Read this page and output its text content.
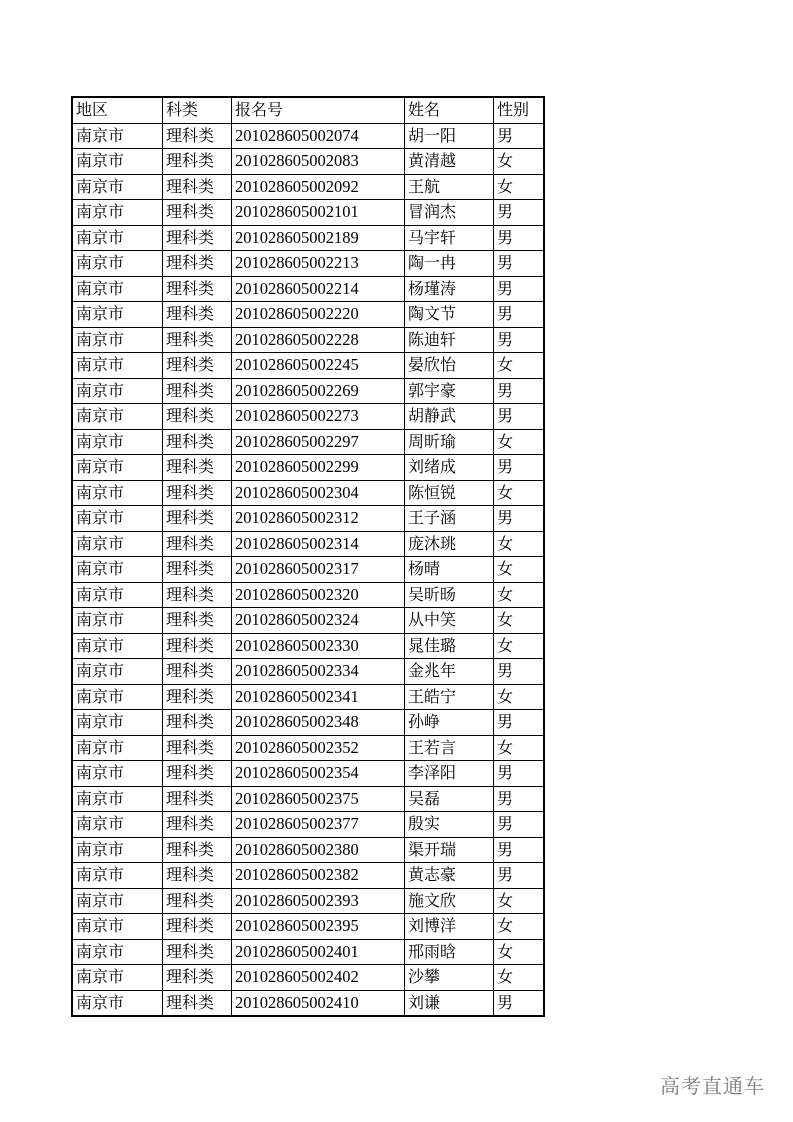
地区	科类	报名号	姓名	性别
南京市	理科类	201028605002074	胡一阳	男
南京市	理科类	201028605002083	黄清越	女
南京市	理科类	201028605002092	王航	女
南京市	理科类	201028605002101	冒润杰	男
南京市	理科类	201028605002189	马宇轩	男
南京市	理科类	201028605002213	陶一冉	男
南京市	理科类	201028605002214	杨瑾涛	男
南京市	理科类	201028605002220	陶文节	男
南京市	理科类	201028605002228	陈迪轩	男
南京市	理科类	201028605002245	晏欣怡	女
南京市	理科类	201028605002269	郭宇豪	男
南京市	理科类	201028605002273	胡静武	男
南京市	理科类	201028605002297	周昕瑜	女
南京市	理科类	201028605002299	刘绪成	男
南京市	理科类	201028605002304	陈恒锐	女
南京市	理科类	201028605002312	王子涵	男
南京市	理科类	201028605002314	庞沐珧	女
南京市	理科类	201028605002317	杨晴	女
南京市	理科类	201028605002320	吴昕旸	女
南京市	理科类	201028605002324	从中笑	女
南京市	理科类	201028605002330	晁佳璐	女
南京市	理科类	201028605002334	金兆年	男
南京市	理科类	201028605002341	王皓宁	女
南京市	理科类	201028605002348	孙峥	男
南京市	理科类	201028605002352	王若言	女
南京市	理科类	201028605002354	李泽阳	男
南京市	理科类	201028605002375	吴磊	男
南京市	理科类	201028605002377	殷实	男
南京市	理科类	201028605002380	渠开瑞	男
南京市	理科类	201028605002382	黄志豪	男
南京市	理科类	201028605002393	施文欣	女
南京市	理科类	201028605002395	刘博洋	女
南京市	理科类	201028605002401	邢雨晗	女
南京市	理科类	201028605002402	沙攀	女
南京市	理科类	201028605002410	刘谦	男
高考直通车
